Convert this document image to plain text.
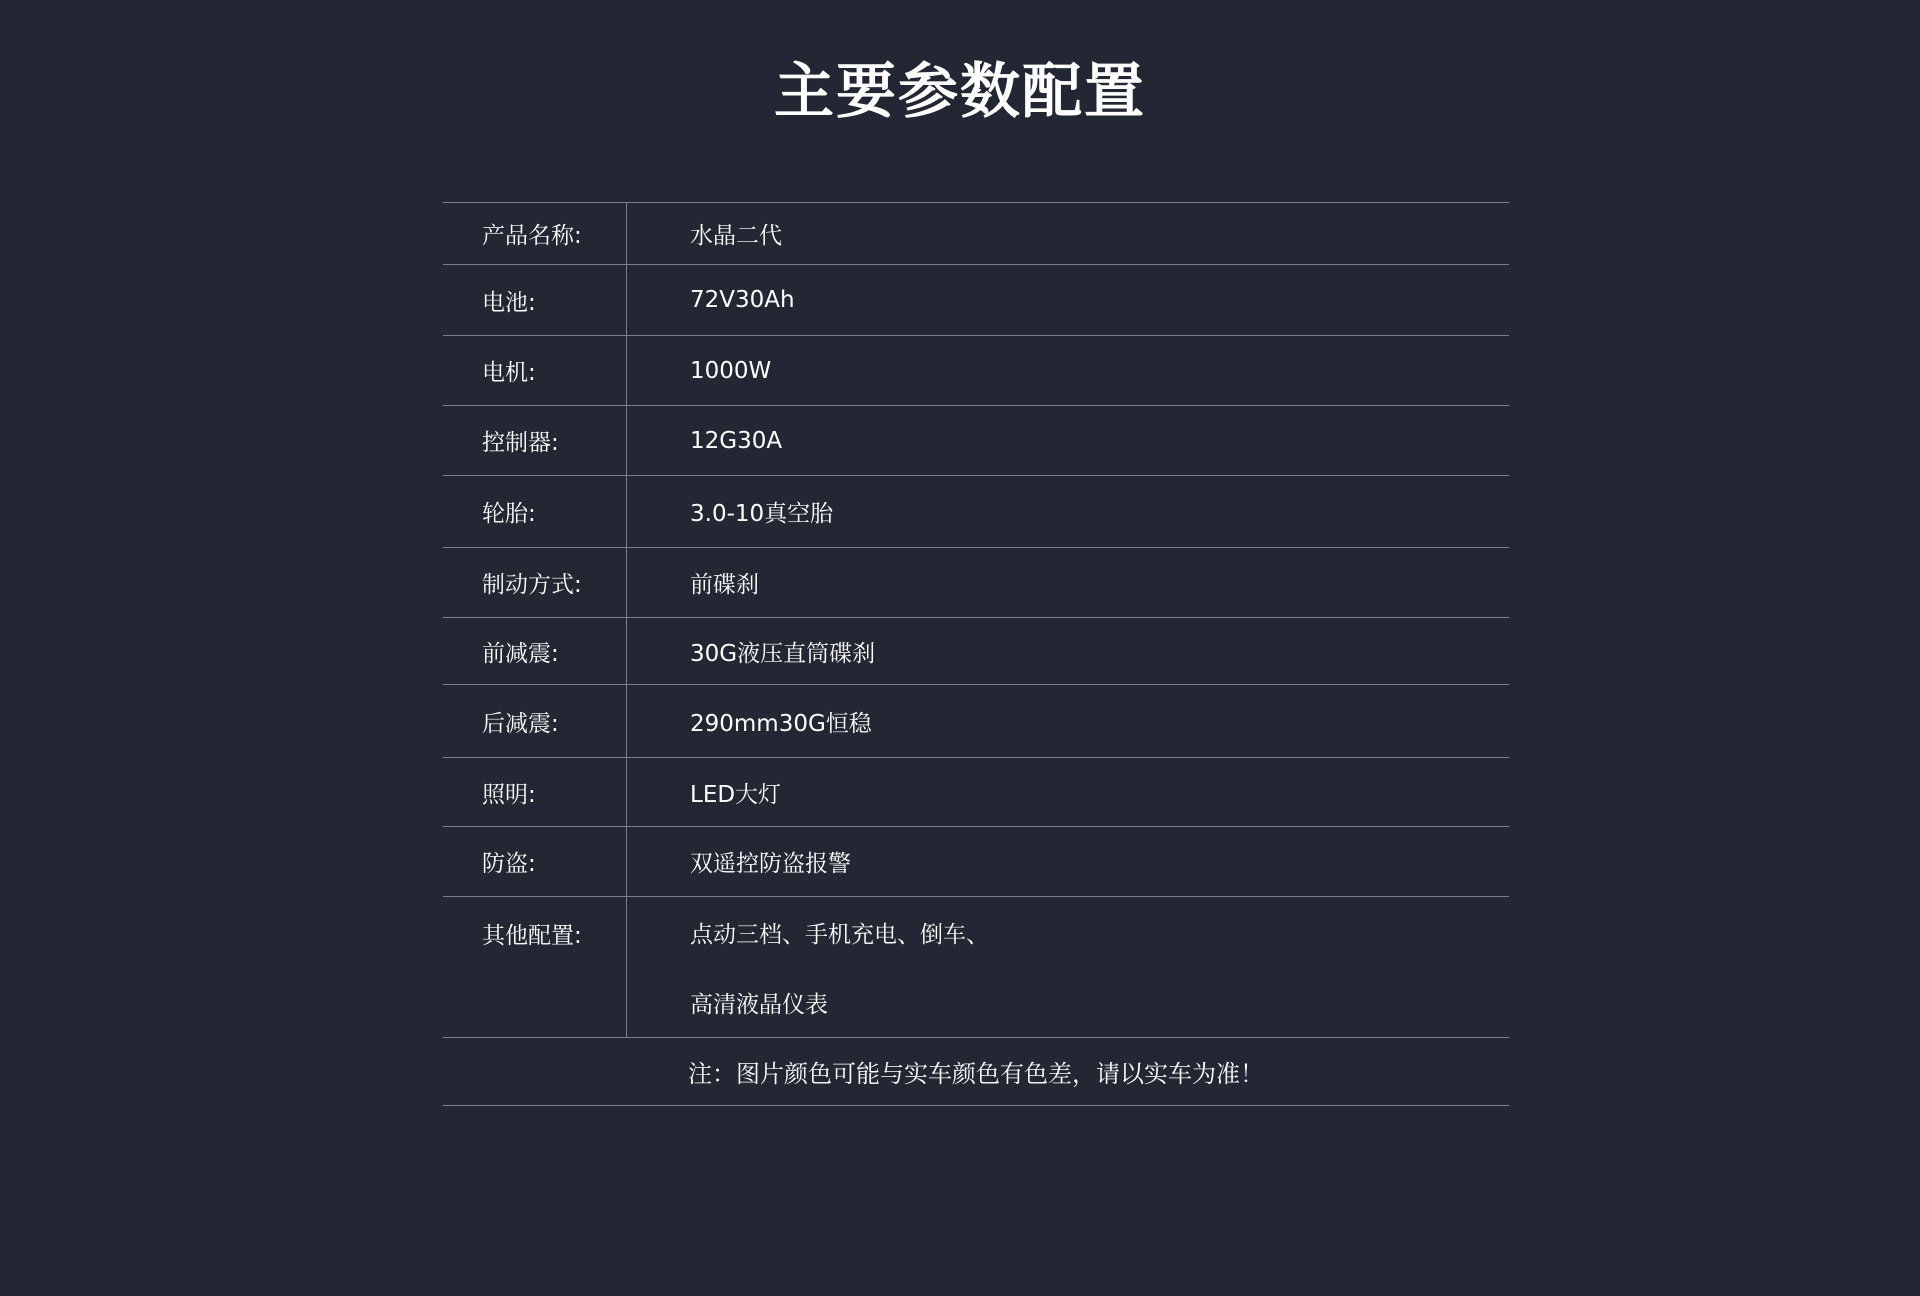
主要参数配置
产品名称:	水晶二代
电池:	72V30Ah
电机:	1000W
控制器:	12G30A
轮胎:	3.0-10真空胎
制动方式:	前碟刹
前减震:	30G液压直筒碟刹
后减震:	290mm30G恒稳
照明:	LED大灯
防盗:	双遥控防盗报警
其他配置:	点动三档、手机充电、倒车、
高清液晶仪表
注：图片颜色可能与实车颜色有色差，请以实车为准！
